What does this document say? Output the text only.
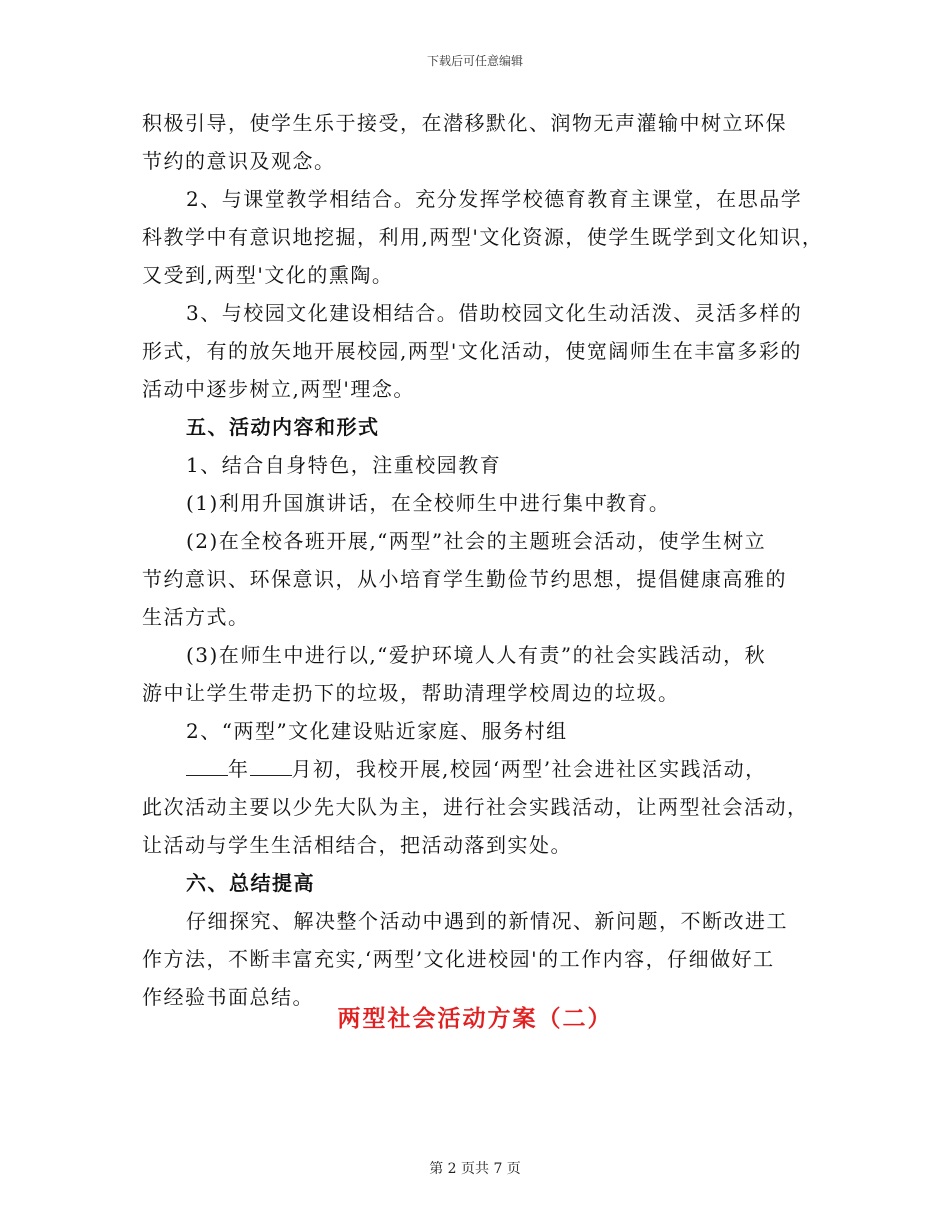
下载后可任意编辑
积极引导，使学生乐于接受，在潜移默化、润物无声灌输中树立环保
节约的意识及观念。
2、与课堂教学相结合。充分发挥学校德育教育主课堂，在思品学
科教学中有意识地挖掘，利用,两型'文化资源，使学生既学到文化知识，
又受到,两型'文化的熏陶。
3、与校园文化建设相结合。借助校园文化生动活泼、灵活多样的
形式，有的放矢地开展校园,两型'文化活动，使宽阔师生在丰富多彩的
活动中逐步树立,两型'理念。
五、活动内容和形式
1、结合自身特色，注重校园教育
(1)利用升国旗讲话，在全校师生中进行集中教育。
(2)在全校各班开展,“两型”社会的主题班会活动，使学生树立
节约意识、环保意识，从小培育学生勤俭节约思想，提倡健康高雅的
生活方式。
(3)在师生中进行以,“爱护环境人人有责”的社会实践活动，秋
游中让学生带走扔下的垃圾，帮助清理学校周边的垃圾。
2、“两型”文化建设贴近家庭、服务村组
年 月初，我校开展,校园‘两型’社会进社区实践活动，
此次活动主要以少先大队为主，进行社会实践活动，让两型社会活动，
让活动与学生生活相结合，把活动落到实处。
六、总结提高
仔细探究、解决整个活动中遇到的新情况、新问题，不断改进工
作方法，不断丰富充实,‘两型’文化进校园'的工作内容，仔细做好工
作经验书面总结。
两型社会活动方案（二）
第 2 页共 7 页
